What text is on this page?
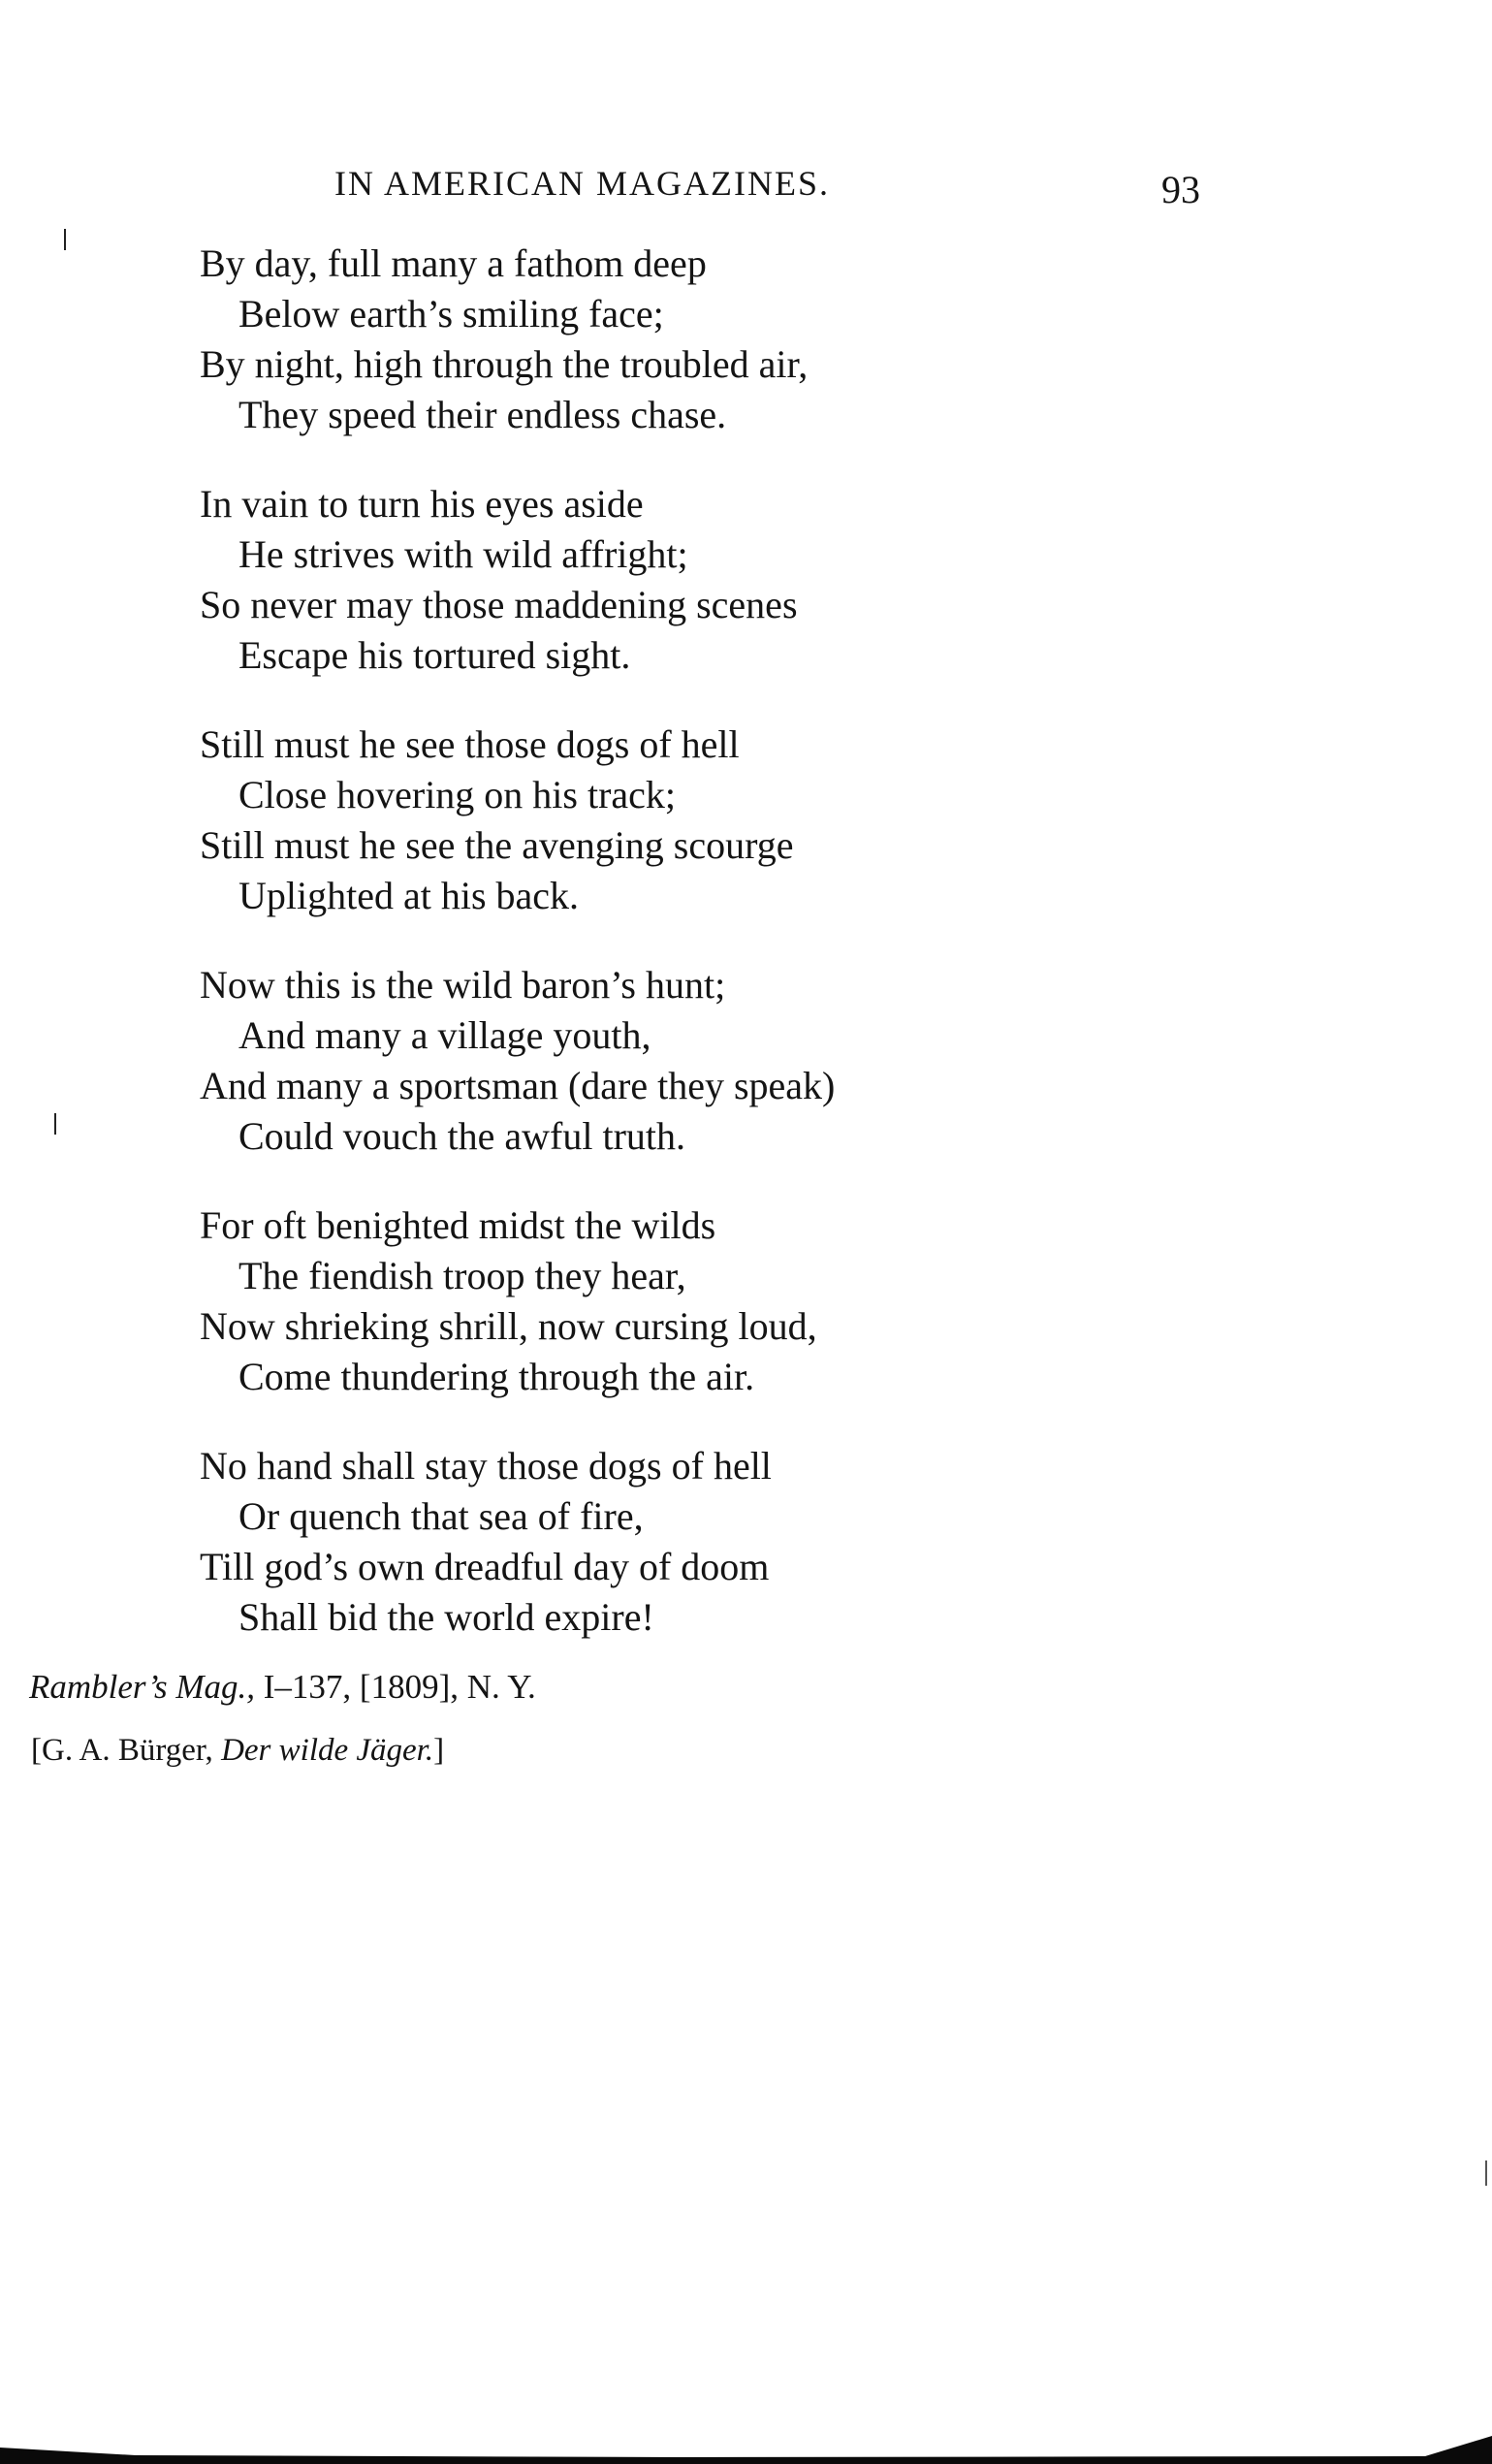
IN AMERICAN MAGAZINES.	93
By day, full many a fathom deep
Below earth’s smiling face;
By night, high through the troubled air,
They speed their endless chase.
In vain to turn his eyes aside
He strives with wild affright;
So never may those maddening scenes
Escape his tortured sight.
Still must he see those dogs of hell
Close hovering on his track;
Still must he see the avenging scourge
Uplighted at his back.
Now this is the wild baron’s hunt;
And many a village youth,
And many a sportsman (dare they speak)
Could vouch the awful truth.
For oft benighted midst the wilds
The fiendish troop they hear,
Now shrieking shrill, now cursing loud,
Come thundering through the air.
No hand shall stay those dogs of hell
Or quench that sea of fire,
Till god’s own dreadful day of doom
Shall bid the world expire!
Rambler’s Mag., I–137, [1809], N. Y.
[G. A. Bürger, Der wilde Jäger.]
